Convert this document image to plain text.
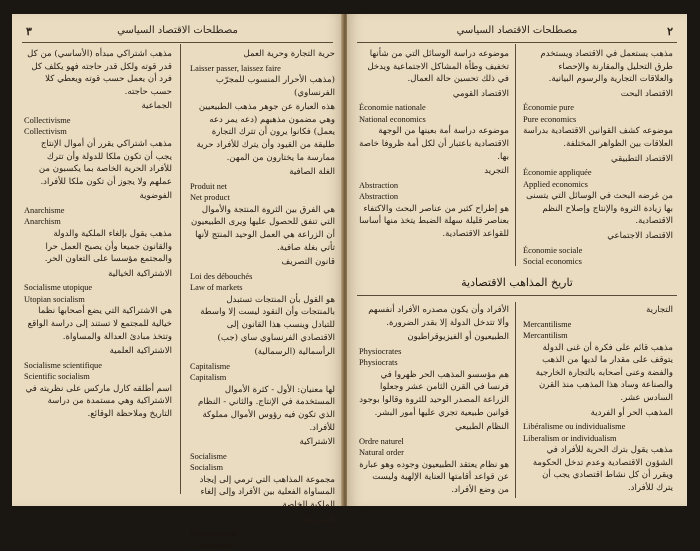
٣	مصطلحات الاقتصاد السياسي
حرية التجارة وحرية العمل
Laisser passer, laissez faire
(مذهب الأحرار المنسوب للمجرّب الفرنساوي)
هذه العبارة عن جوهر مذهب الطبيعيين وهي مضمون مذهبهم (دعه يمر دعه يعمل) فكانوا يرون أن تترك التجارة طليقة من القيود وأن يترك للأفراد حرية ممارسة ما يختارون من المهن.
الغلة الصافية
Produit net
Net product
هي الفرق بين الثروة المنتجة والأموال التي تنفق للحصول عليها ويرى الطبيعيون أن الزراعة هي العمل الوحيد المنتج لأنها تأتي بغلة صافية.
قانون التصريف
Loi des débouchés
Law of markets
هو القول بأن المنتجات تستبدل بالمنتجات وأن النقود ليست إلا واسطة للتبادل وينسب هذا القانون إلى الاقتصادي الفرنساوي ساي (جب)
الرأسمالية (الرسمالية)
Capitalisme
Capitalism
لها معنيان: الأول - كثرة الأموال المستخدمة في الإنتاج. والثاني - النظام الذي تكون فيه رؤوس الأموال مملوكة للأفراد.
الاشتراكية
Socialisme
Socialism
مجموعة المذاهب التي ترمي إلى إيجاد المساواة الفعلية بين الأفراد وإلى إلغاء الملكية الخاصة
الشيوعية
Communisme
Communism
مذهب اشتراكي مبدأه (الأساسي) من كل قدر قوته ولكل قدر حاجته فهو يكلف كل فرد أن يعمل حسب قوته ويعطي كلا حسب حاجته.
الجماعية
Collectivisme
Collectivism
مذهب اشتراكي يقرر أن أموال الإنتاج يجب أن تكون ملكا للدولة وأن تترك للأفراد الحرية الخاصة بما يكسبون من عملهم ولا يجوز أن تكون ملكا للأفراد.
الفوضوية
Anarchisme
Anarchism
مذهب يقول بإلغاء الملكية والدولة والقانون جميعا وأن يصبح العمل حرا والمجتمع مؤسسا على التعاون الحر.
الاشتراكية الخيالية
Socialisme utopique
Utopian socialism
هي الاشتراكية التي يضع أصحابها نظما خيالية للمجتمع لا تستند إلى دراسة الواقع وتتخذ مبادئ العدالة والمساواة.
الاشتراكية العلمية
Socialisme scientifique
Scientific socialism
اسم أطلقه كارل ماركس على نظريته في الاشتراكية وهي مستمدة من دراسة التاريخ وملاحظة الوقائع.
٢
مصطلحات الاقتصاد السياسي
مذهب يستعمل في الاقتصاد ويستخدم طرق التحليل والمقارنة والإحصاء والعلاقات التجارية والرسوم البيانية.
الاقتصاد البحت
Économie pure
Pure economics
موضوعه كشف القوانين الاقتصادية بدراسة العلاقات بين الظواهر المختلفة.
الاقتصاد التطبيقي
Économie appliquée
Applied economics
من غرضه البحث في الوسائل التي يتسنى بها زيادة الثروة والإنتاج وإصلاح النظم الاقتصادية.
الاقتصاد الاجتماعي
Économie sociale
Social economics
موضوعه دراسة الوسائل التي من شأنها تخفيف وطأة المشاكل الاجتماعية ويدخل في ذلك تحسين حالة العمال.
الاقتصاد القومي
Économie nationale
National economics
موضوعه دراسة أمة بعينها من الوجهة الاقتصادية باعتبار أن لكل أمة ظروفا خاصة بها.
التجريد
Abstraction
Abstraction
هو إطراح كثير من عناصر البحث والاكتفاء بعناصر قليلة سهلة الضبط يتخذ منها أساسا للقواعد الاقتصادية.
تاريخ المذاهب الاقتصادية
التجارية
Mercantilisme
Mercantilism
مذهب قائم على فكرة أن غنى الدولة يتوقف على مقدار ما لديها من الذهب والفضة وعنى أصحابه بالتجارة الخارجية والصناعة وساد هذا المذهب منذ القرن السادس عشر.
المذهب الحر أو الفردية
Libéralisme ou individualisme
Liberalism or individualism
مذهب يقول بترك الحرية للأفراد في الشؤون الاقتصادية وعدم تدخل الحكومة ويقرر أن كل نشاط اقتصادي يجب أن يترك للأفراد.
الأفراد وأن يكون مصدره الأفراد أنفسهم وألا تتدخل الدولة إلا بقدر الضرورة.
الطبيعيون أو الفيزيوقراطيون
Physiocrates
Physiocrats
هم مؤسسو المذهب الحر ظهروا في فرنسا في القرن الثامن عشر وجعلوا الزراعة المصدر الوحيد للثروة وقالوا بوجود قوانين طبيعية تجري عليها أمور البشر.
النظام الطبيعي
Ordre naturel
Natural order
هو نظام يعتقد الطبيعيون وجوده وهو عبارة عن قواعد أقامتها العناية الإلهية وليست من وضع الأفراد.
